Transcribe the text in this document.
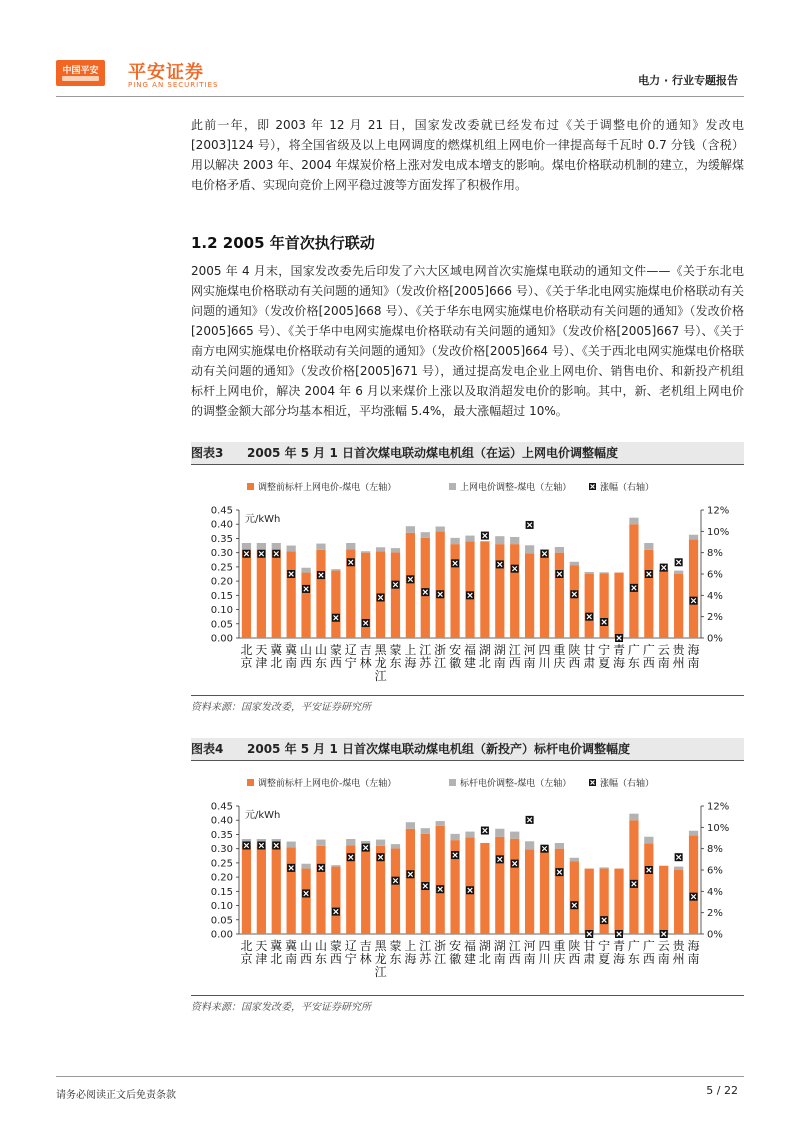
中国平安	平安证券
PING AN SECURITIES	电力 · 行业专题报告

此前一年，即 2003 年 12 月 21 日，国家发改委就已经发布过《关于调整电价的通知》发改电[2003]124 号），将全国省级及以上电网调度的燃煤机组上网电价一律提高每千瓦时 0.7 分钱（含税）用以解决 2003 年、2004 年煤炭价格上涨对发电成本增支的影响。煤电价格联动机制的建立，为缓解煤电价格矛盾、实现向竞价上网平稳过渡等方面发挥了积极作用。

1.2 2005 年首次执行联动

2005 年 4 月末，国家发改委先后印发了六大区域电网首次实施煤电联动的通知文件——《关于东北电网实施煤电价格联动有关问题的通知》（发改价格[2005]666 号）、《关于华北电网实施煤电价格联动有关问题的通知》（发改价格[2005]668 号）、《关于华东电网实施煤电价格联动有关问题的通知》（发改价格[2005]665 号）、《关于华中电网实施煤电价格联动有关问题的通知》（发改价格[2005]667 号）、《关于南方电网实施煤电价格联动有关问题的通知》（发改价格[2005]664 号）、《关于西北电网实施煤电价格联动有关问题的通知》（发改价格[2005]671 号），通过提高发电企业上网电价、销售电价、和新投产机组标杆上网电价，解决 2004 年 6 月以来煤价上涨以及取消超发电价的影响。其中，新、老机组上网电价的调整金额大部分均基本相近，平均涨幅 5.4%，最大涨幅超过 10%。

图表3 2005 年 5 月 1 日首次煤电联动煤电机组（在运）上网电价调整幅度
调整前标杆上网电价-煤电（左轴）	上网电价调整-煤电（左轴）	涨幅（右轴）
元/kWh
0.00
0.05
0.10
0.15
0.20
0.25
0.30
0.35
0.40
0.45
0%
2%
4%
6%
8%
10%
12%
北
京
天
津
冀
北
冀
南
山
西
山
东
蒙
西
辽
宁
吉
林
黑
龙
江
蒙
东
上
海
江
苏
浙
江
安
徽
福
建
湖
北
湖
南
江
西
河
南
四
川
重
庆
陕
西
甘
肃
宁
夏
青
海
广
东
广
西
云
南
贵
州
海
南
资料来源：国家发改委，平安证券研究所
图表4 2005 年 5 月 1 日首次煤电联动煤电机组（新投产）标杆电价调整幅度
调整前标杆上网电价-煤电（左轴）	标杆电价调整-煤电（左轴）	涨幅（右轴）
元/kWh
0.00
0.05
0.10
0.15
0.20
0.25
0.30
0.35
0.40
0.45
0%
2%
4%
6%
8%
10%
12%
北
京
天
津
冀
北
冀
南
山
西
山
东
蒙
西
辽
宁
吉
林
黑
龙
江
蒙
东
上
海
江
苏
浙
江
安
徽
福
建
湖
北
湖
南
江
西
河
南
四
川
重
庆
陕
西
甘
肃
宁
夏
青
海
广
东
广
西
云
南
贵
州
海
南
资料来源：国家发改委，平安证券研究所
请务必阅读正文后免责条款	5 / 22
